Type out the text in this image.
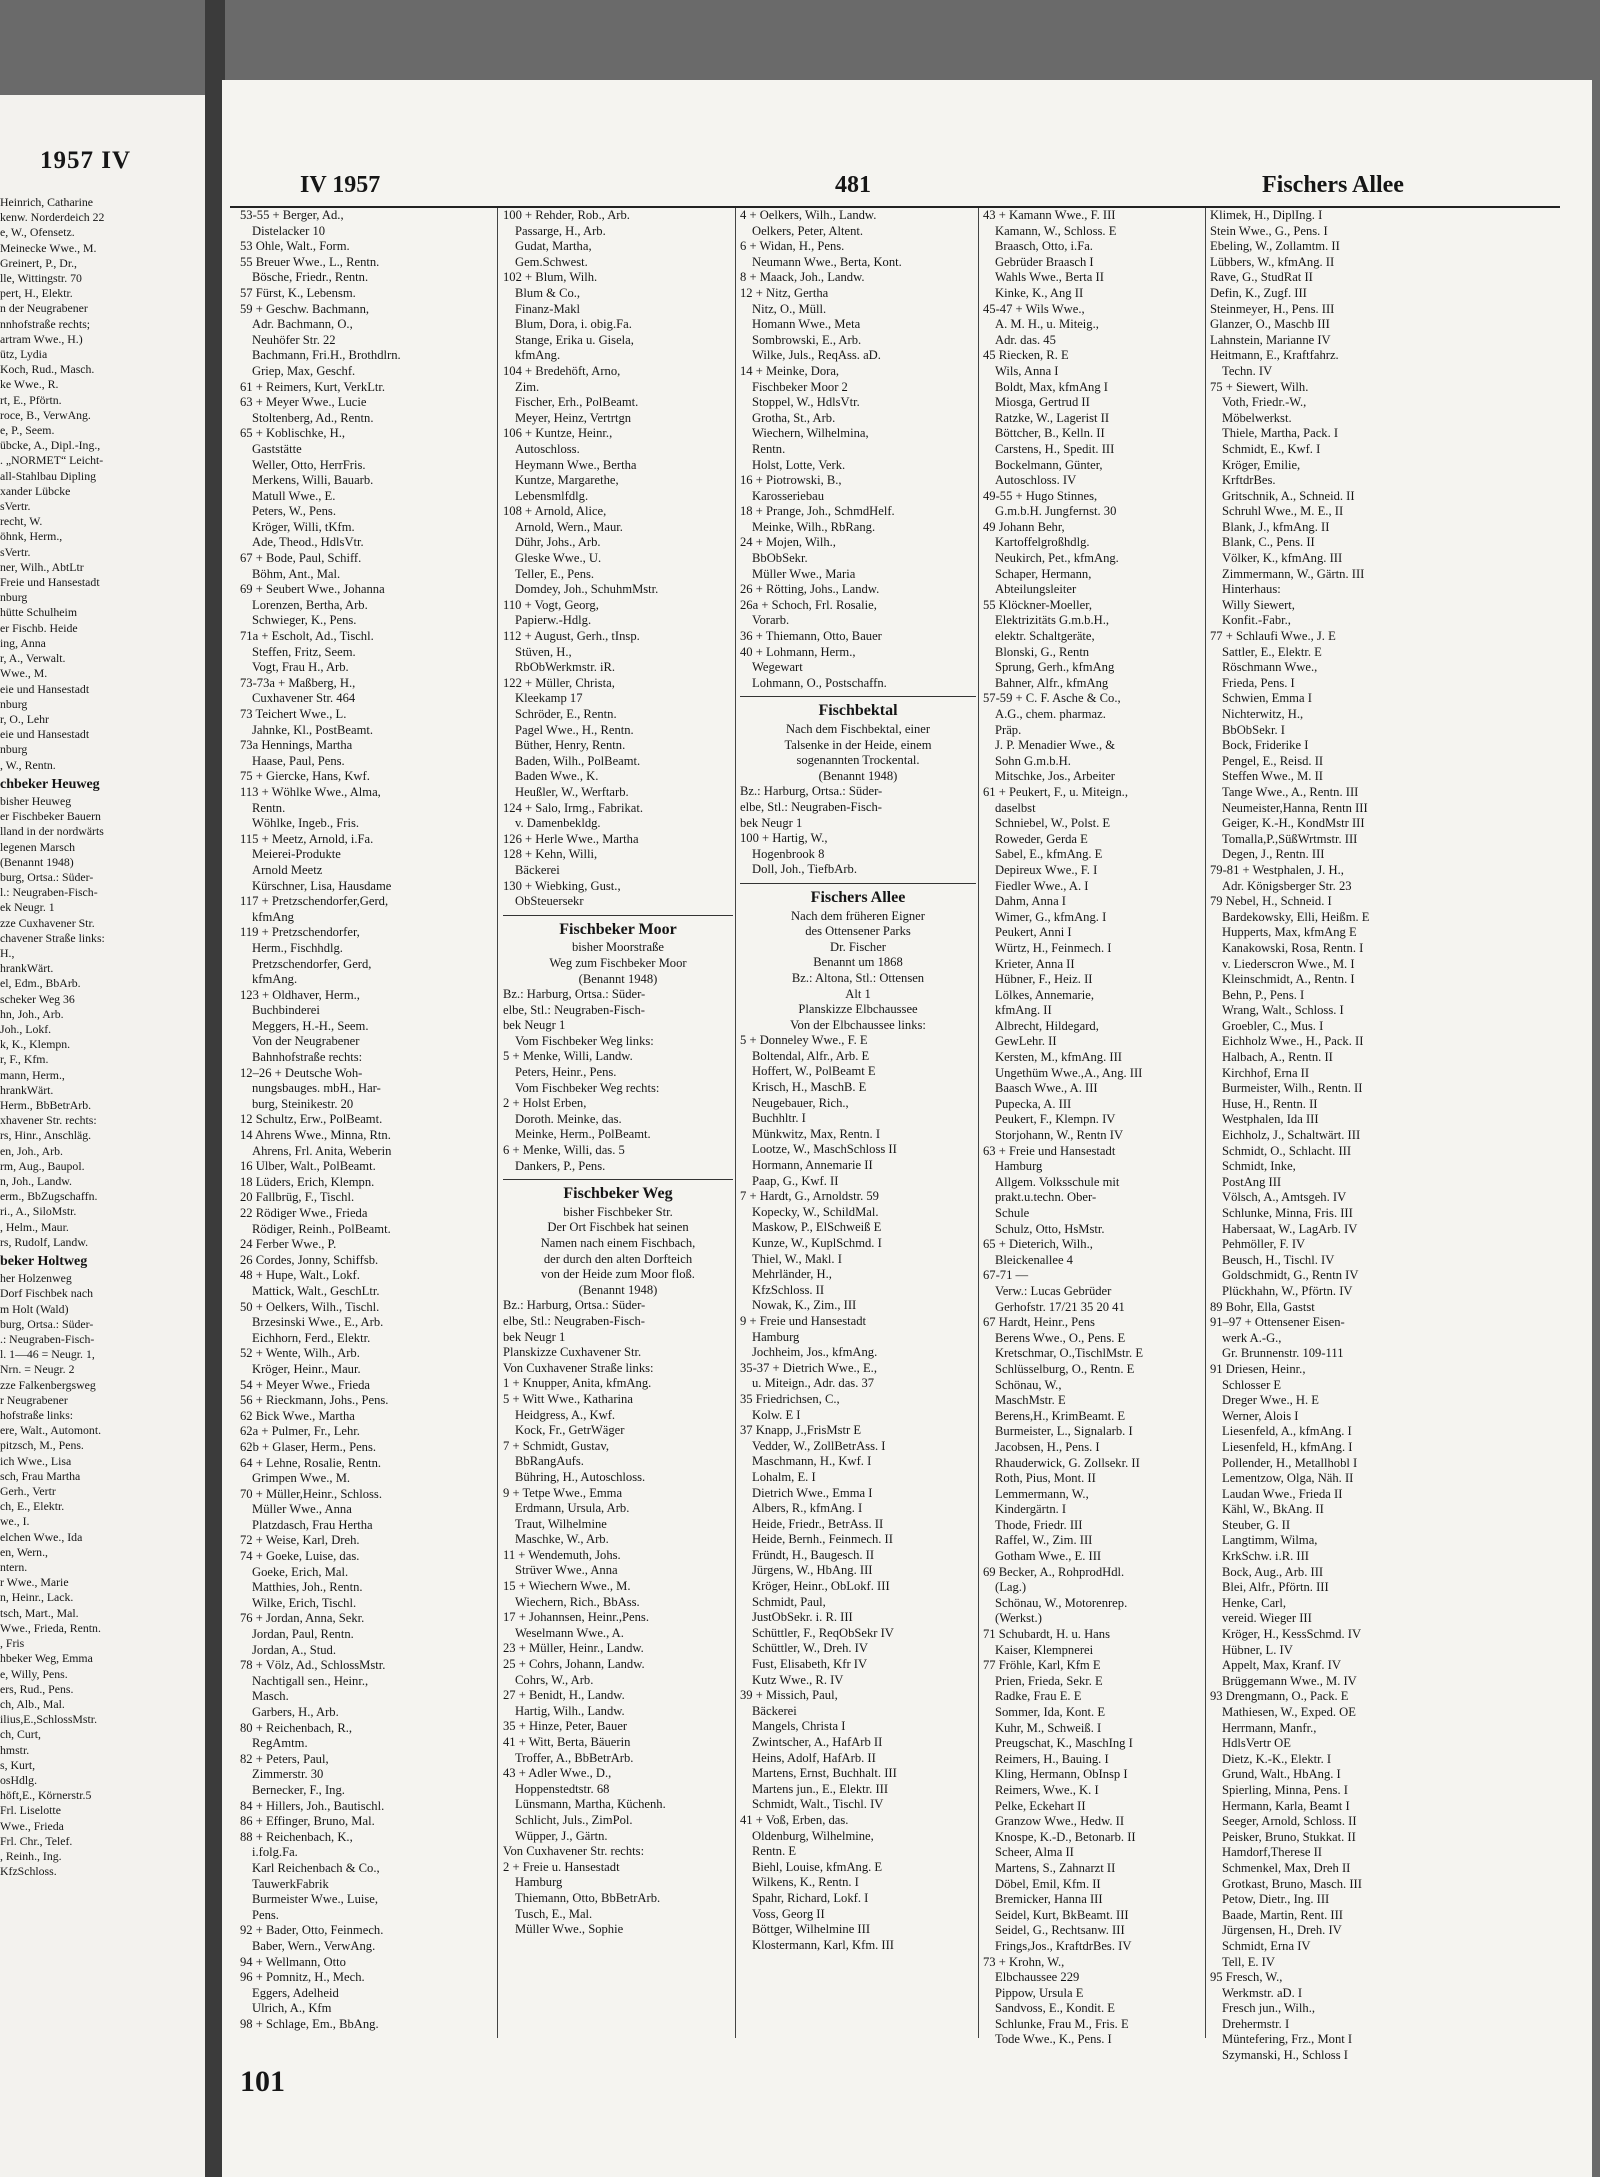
1957 IV
Heinrich, Catharine
kenw. Norderdeich 22
e, W., Ofensetz.
Meinecke Wwe., M.
Greinert, P., Dr.,
lle, Wittingstr. 70
pert, H., Elektr.
n der Neugrabener
nnhofstraße rechts;
artram Wwe., H.)
ütz, Lydia
Koch, Rud., Masch.
ke Wwe., R.
rt, E., Pförtn.
roce, B., VerwAng.
e, P., Seem.
übcke, A., Dipl.-Ing.,
. „NORMET“ Leicht-
all-Stahlbau Dipling
xander Lübcke
sVertr.
recht, W.
öhnk, Herm.,
sVertr.
ner, Wilh., AbtLtr
Freie und Hansestadt
nburg
hütte Schulheim
er Fischb. Heide
ing, Anna
r, A., Verwalt.
Wwe., M.
eie und Hansestadt
nburg
r, O., Lehr
eie und Hansestadt
nburg
, W., Rentn.
chbeker Heuweg
bisher Heuweg
er Fischbeker Bauern
lland in der nordwärts
legenen Marsch
(Benannt 1948)
burg, Ortsa.: Süder-
l.: Neugraben-Fisch-
ek Neugr. 1
zze Cuxhavener Str.
chavener Straße links:
H.,
hrankWärt.
el, Edm., BbArb.
scheker Weg 36
hn, Joh., Arb.
Joh., Lokf.
k, K., Klempn.
r, F., Kfm.
mann, Herm.,
hrankWärt.
Herm., BbBetrArb.
xhavener Str. rechts:
rs, Hinr., Anschläg.
en, Joh., Arb.
rm, Aug., Baupol.
n, Joh., Landw.
erm., BbZugschaffn.
ri., A., SiloMstr.
, Helm., Maur.
rs, Rudolf, Landw.
beker Holtweg
her Holzenweg
Dorf Fischbek nach
m Holt (Wald)
burg, Ortsa.: Süder-
.: Neugraben-Fisch-
l. 1—46 = Neugr. 1,
Nrn. = Neugr. 2
zze Falkenbergsweg
r Neugrabener
hofstraße links:
ere, Walt., Automont.
pitzsch, M., Pens.
ich Wwe., Lisa
sch, Frau Martha
Gerh., Vertr
ch, E., Elektr.
we., I.
elchen Wwe., Ida
en, Wern.,
ntern.
r Wwe., Marie
n, Heinr., Lack.
tsch, Mart., Mal.
Wwe., Frieda, Rentn.
, Fris
hbeker Weg, Emma
e, Willy, Pens.
ers, Rud., Pens.
ch, Alb., Mal.
ilius,E.,SchlossMstr.
ch, Curt,
hmstr.
s, Kurt,
osHdlg.
höft,E., Körnerstr.5
Frl. Liselotte
Wwe., Frieda
Frl. Chr., Telef.
, Reinh., Ing.
KfzSchloss.
IV 1957	481	Fischers Allee
53-55 + Berger, Ad.,
Distelacker 10
53 Ohle, Walt., Form.
55 Breuer Wwe., L., Rentn.
Bösche, Friedr., Rentn.
57 Fürst, K., Lebensm.
59 + Geschw. Bachmann,
Adr. Bachmann, O.,
Neuhöfer Str. 22
Bachmann, Fri.H., Brothdlrn.
Griep, Max, Geschf.
61 + Reimers, Kurt, VerkLtr.
63 + Meyer Wwe., Lucie
Stoltenberg, Ad., Rentn.
65 + Koblischke, H.,
Gaststätte
Weller, Otto, HerrFris.
Merkens, Willi, Bauarb.
Matull Wwe., E.
Peters, W., Pens.
Kröger, Willi, tKfm.
Ade, Theod., HdlsVtr.
67 + Bode, Paul, Schiff.
Böhm, Ant., Mal.
69 + Seubert Wwe., Johanna
Lorenzen, Bertha, Arb.
Schwieger, K., Pens.
71a + Escholt, Ad., Tischl.
Steffen, Fritz, Seem.
Vogt, Frau H., Arb.
73-73a + Maßberg, H.,
Cuxhavener Str. 464
73 Teichert Wwe., L.
Jahnke, Kl., PostBeamt.
73a Hennings, Martha
Haase, Paul, Pens.
75 + Giercke, Hans, Kwf.
113 + Wöhlke Wwe., Alma,
Rentn.
Wöhlke, Ingeb., Fris.
115 + Meetz, Arnold, i.Fa.
Meierei-Produkte
Arnold Meetz
Kürschner, Lisa, Hausdame
117 + Pretzschendorfer,Gerd,
kfmAng
119 + Pretzschendorfer,
Herm., Fischhdlg.
Pretzschendorfer, Gerd,
kfmAng.
123 + Oldhaver, Herm.,
Buchbinderei
Meggers, H.-H., Seem.
Von der Neugrabener
Bahnhofstraße rechts:
12–26 + Deutsche Woh-
nungsbauges. mbH., Har-
burg, Steinikestr. 20
12 Schultz, Erw., PolBeamt.
14 Ahrens Wwe., Minna, Rtn.
Ahrens, Frl. Anita, Weberin
16 Ulber, Walt., PolBeamt.
18 Lüders, Erich, Klempn.
20 Fallbrüg, F., Tischl.
22 Rödiger Wwe., Frieda
Rödiger, Reinh., PolBeamt.
24 Ferber Wwe., P.
26 Cordes, Jonny, Schiffsb.
48 + Hupe, Walt., Lokf.
Mattick, Walt., GeschLtr.
50 + Oelkers, Wilh., Tischl.
Brzesinski Wwe., E., Arb.
Eichhorn, Ferd., Elektr.
52 + Wente, Wilh., Arb.
Kröger, Heinr., Maur.
54 + Meyer Wwe., Frieda
56 + Rieckmann, Johs., Pens.
62 Bick Wwe., Martha
62a + Pulmer, Fr., Lehr.
62b + Glaser, Herm., Pens.
64 + Lehne, Rosalie, Rentn.
Grimpen Wwe., M.
70 + Müller,Heinr., Schloss.
Müller Wwe., Anna
Platzdasch, Frau Hertha
72 + Weise, Karl, Dreh.
74 + Goeke, Luise, das.
Goeke, Erich, Mal.
Matthies, Joh., Rentn.
Wilke, Erich, Tischl.
76 + Jordan, Anna, Sekr.
Jordan, Paul, Rentn.
Jordan, A., Stud.
78 + Völz, Ad., SchlossMstr.
Nachtigall sen., Heinr.,
Masch.
Garbers, H., Arb.
80 + Reichenbach, R.,
RegAmtm.
82 + Peters, Paul,
Zimmerstr. 30
Bernecker, F., Ing.
84 + Hillers, Joh., Bautischl.
86 + Effinger, Bruno, Mal.
88 + Reichenbach, K.,
i.folg.Fa.
Karl Reichenbach & Co.,
TauwerkFabrik
Burmeister Wwe., Luise,
Pens.
92 + Bader, Otto, Feinmech.
Baber, Wern., VerwAng.
94 + Wellmann, Otto
96 + Pomnitz, H., Mech.
Eggers, Adelheid
Ulrich, A., Kfm
98 + Schlage, Em., BbAng.
100 + Rehder, Rob., Arb.
Passarge, H., Arb.
Gudat, Martha,
Gem.Schwest.
102 + Blum, Wilh.
Blum & Co.,
Finanz-Makl
Blum, Dora, i. obig.Fa.
Stange, Erika u. Gisela,
kfmAng.
104 + Bredehöft, Arno,
Zim.
Fischer, Erh., PolBeamt.
Meyer, Heinz, Vertrtgn
106 + Kuntze, Heinr.,
Autoschloss.
Heymann Wwe., Bertha
Kuntze, Margarethe,
Lebensmlfdlg.
108 + Arnold, Alice,
Arnold, Wern., Maur.
Dühr, Johs., Arb.
Gleske Wwe., U.
Teller, E., Pens.
Domdey, Joh., SchuhmMstr.
110 + Vogt, Georg,
Papierw.-Hdlg.
112 + August, Gerh., tInsp.
Stüven, H.,
RbObWerkmstr. iR.
122 + Müller, Christa,
Kleekamp 17
Schröder, E., Rentn.
Pagel Wwe., H., Rentn.
Büther, Henry, Rentn.
Baden, Wilh., PolBeamt.
Baden Wwe., K.
Heußler, W., Werftarb.
124 + Salo, Irmg., Fabrikat.
v. Damenbekldg.
126 + Herle Wwe., Martha
128 + Kehn, Willi,
Bäckerei
130 + Wiebking, Gust.,
ObSteuersekr
Fischbeker Moor
bisher Moorstraße
Weg zum Fischbeker Moor
(Benannt 1948)
Bz.: Harburg, Ortsa.: Süder-
elbe, Stl.: Neugraben-Fisch-
bek Neugr 1
Vom Fischbeker Weg links:
5 + Menke, Willi, Landw.
Peters, Heinr., Pens.
Vom Fischbeker Weg rechts:
2 + Holst Erben,
Doroth. Meinke, das.
Meinke, Herm., PolBeamt.
6 + Menke, Willi, das. 5
Dankers, P., Pens.
Fischbeker Weg
bisher Fischbeker Str.
Der Ort Fischbek hat seinen
Namen nach einem Fischbach,
der durch den alten Dorfteich
von der Heide zum Moor floß.
(Benannt 1948)
Bz.: Harburg, Ortsa.: Süder-
elbe, Stl.: Neugraben-Fisch-
bek Neugr 1
Planskizze Cuxhavener Str.
Von Cuxhavener Straße links:
1 + Knupper, Anita, kfmAng.
5 + Witt Wwe., Katharina
Heidgress, A., Kwf.
Kock, Fr., GetrWäger
7 + Schmidt, Gustav,
BbRangAufs.
Bühring, H., Autoschloss.
9 + Tetpe Wwe., Emma
Erdmann, Ursula, Arb.
Traut, Wilhelmine
Maschke, W., Arb.
11 + Wendemuth, Johs.
Strüver Wwe., Anna
15 + Wiechern Wwe., M.
Wiechern, Rich., BbAss.
17 + Johannsen, Heinr.,Pens.
Weselmann Wwe., A.
23 + Müller, Heinr., Landw.
25 + Cohrs, Johann, Landw.
Cohrs, W., Arb.
27 + Benidt, H., Landw.
Hartig, Wilh., Landw.
35 + Hinze, Peter, Bauer
41 + Witt, Berta, Bäuerin
Troffer, A., BbBetrArb.
43 + Adler Wwe., D.,
Hoppenstedtstr. 68
Lünsmann, Martha, Küchenh.
Schlicht, Juls., ZimPol.
Wüpper, J., Gärtn.
Von Cuxhavener Str. rechts:
2 + Freie u. Hansestadt
Hamburg
Thiemann, Otto, BbBetrArb.
Tusch, E., Mal.
Müller Wwe., Sophie
4 + Oelkers, Wilh., Landw.
Oelkers, Peter, Altent.
6 + Widan, H., Pens.
Neumann Wwe., Berta, Kont.
8 + Maack, Joh., Landw.
12 + Nitz, Gertha
Nitz, O., Müll.
Homann Wwe., Meta
Sombrowski, E., Arb.
Wilke, Juls., ReqAss. aD.
14 + Meinke, Dora,
Fischbeker Moor 2
Stoppel, W., HdlsVtr.
Grotha, St., Arb.
Wiechern, Wilhelmina,
Rentn.
Holst, Lotte, Verk.
16 + Piotrowski, B.,
Karosseriebau
18 + Prange, Joh., SchmdHelf.
Meinke, Wilh., RbRang.
24 + Mojen, Wilh.,
BbObSekr.
Müller Wwe., Maria
26 + Rötting, Johs., Landw.
26a + Schoch, Frl. Rosalie,
Vorarb.
36 + Thiemann, Otto, Bauer
40 + Lohmann, Herm.,
Wegewart
Lohmann, O., Postschaffn.
Fischbektal
Nach dem Fischbektal, einer
Talsenke in der Heide, einem
sogenannten Trockental.
(Benannt 1948)
Bz.: Harburg, Ortsa.: Süder-
elbe, Stl.: Neugraben-Fisch-
bek Neugr 1
100 + Hartig, W.,
Hogenbrook 8
Doll, Joh., TiefbArb.
Fischers Allee
Nach dem früheren Eigner
des Ottensener Parks
Dr. Fischer
Benannt um 1868
Bz.: Altona, Stl.: Ottensen
Alt 1
Planskizze Elbchaussee
Von der Elbchaussee links:
5 + Donneley Wwe., F. E
Boltendal, Alfr., Arb. E
Hoffert, W., PolBeamt E
Krisch, H., MaschB. E
Neugebauer, Rich.,
Buchhltr. I
Münkwitz, Max, Rentn. I
Lootze, W., MaschSchloss II
Hormann, Annemarie II
Paap, G., Kwf. II
7 + Hardt, G., Arnoldstr. 59
Kopecky, W., SchildMal.
Maskow, P., ElSchweiß E
Kunze, W., KuplSchmd. I
Thiel, W., Makl. I
Mehrländer, H.,
KfzSchloss. II
Nowak, K., Zim., III
9 + Freie und Hansestadt
Hamburg
Jochheim, Jos., kfmAng.
35-37 + Dietrich Wwe., E.,
u. Miteign., Adr. das. 37
35 Friedrichsen, C.,
Kolw. E I
37 Knapp, J.,FrisMstr E
Vedder, W., ZollBetrAss. I
Maschmann, H., Kwf. I
Lohalm, E. I
Dietrich Wwe., Emma I
Albers, R., kfmAng. I
Heide, Friedr., BetrAss. II
Heide, Bernh., Feinmech. II
Fründt, H., Baugesch. II
Jürgens, W., HbAng. III
Kröger, Heinr., ObLokf. III
Schmidt, Paul,
JustObSekr. i. R. III
Schüttler, F., ReqObSekr IV
Schüttler, W., Dreh. IV
Fust, Elisabeth, Kfr IV
Kutz Wwe., R. IV
39 + Missich, Paul,
Bäckerei
Mangels, Christa I
Zwintscher, A., HafArb II
Heins, Adolf, HafArb. II
Martens, Ernst, Buchhalt. III
Martens jun., E., Elektr. III
Schmidt, Walt., Tischl. IV
41 + Voß, Erben, das.
Oldenburg, Wilhelmine,
Rentn. E
Biehl, Louise, kfmAng. E
Wilkens, K., Rentn. I
Spahr, Richard, Lokf. I
Voss, Georg II
Böttger, Wilhelmine III
Klostermann, Karl, Kfm. III
43 + Kamann Wwe., F. III
Kamann, W., Schloss. E
Braasch, Otto, i.Fa.
Gebrüder Braasch I
Wahls Wwe., Berta II
Kinke, K., Ang II
45-47 + Wils Wwe.,
A. M. H., u. Miteig.,
Adr. das. 45
45 Riecken, R. E
Wils, Anna I
Boldt, Max, kfmAng I
Miosga, Gertrud II
Ratzke, W., Lagerist II
Böttcher, B., Kelln. II
Carstens, H., Spedit. III
Bockelmann, Günter,
Autoschloss. IV
49-55 + Hugo Stinnes,
G.m.b.H. Jungfernst. 30
49 Johann Behr,
Kartoffelgroßhdlg.
Neukirch, Pet., kfmAng.
Schaper, Hermann,
Abteilungsleiter
55 Klöckner-Moeller,
Elektrizitäts G.m.b.H.,
elektr. Schaltgeräte,
Blonski, G., Rentn
Sprung, Gerh., kfmAng
Bahner, Alfr., kfmAng
57-59 + C. F. Asche & Co.,
A.G., chem. pharmaz.
Präp.
J. P. Menadier Wwe., &
Sohn G.m.b.H.
Mitschke, Jos., Arbeiter
61 + Peukert, F., u. Miteign.,
daselbst
Schniebel, W., Polst. E
Roweder, Gerda E
Sabel, E., kfmAng. E
Depireux Wwe., F. I
Fiedler Wwe., A. I
Dahm, Anna I
Wimer, G., kfmAng. I
Peukert, Anni I
Würtz, H., Feinmech. I
Krieter, Anna II
Hübner, F., Heiz. II
Lölkes, Annemarie,
kfmAng. II
Albrecht, Hildegard,
GewLehr. II
Kersten, M., kfmAng. III
Ungethüm Wwe.,A., Ang. III
Baasch Wwe., A. III
Pupecka, A. III
Peukert, F., Klempn. IV
Storjohann, W., Rentn IV
63 + Freie und Hansestadt
Hamburg
Allgem. Volksschule mit
prakt.u.techn. Ober-
Schule
Schulz, Otto, HsMstr.
65 + Dieterich, Wilh.,
Bleickenallee 4
67-71 —
Verw.: Lucas Gebrüder
Gerhofstr. 17/21 35 20 41
67 Hardt, Heinr., Pens
Berens Wwe., O., Pens. E
Kretschmar, O.,TischlMstr. E
Schlüsselburg, O., Rentn. E
Schönau, W.,
MaschMstr. E
Berens,H., KrimBeamt. E
Burmeister, L., Signalarb. I
Jacobsen, H., Pens. I
Rhauderwick, G. Zollsekr. II
Roth, Pius, Mont. II
Lemmermann, W.,
Kindergärtn. I
Thode, Friedr. III
Raffel, W., Zim. III
Gotham Wwe., E. III
69 Becker, A., RohprodHdl.
(Lag.)
Schönau, W., Motorenrep.
(Werkst.)
71 Schubardt, H. u. Hans
Kaiser, Klempnerei
77 Fröhle, Karl, Kfm E
Prien, Frieda, Sekr. E
Radke, Frau E. E
Sommer, Ida, Kont. E
Kuhr, M., Schweiß. I
Preugschat, K., MaschIng I
Reimers, H., Bauing. I
Kling, Hermann, ObInsp I
Reimers, Wwe., K. I
Pelke, Eckehart II
Granzow Wwe., Hedw. II
Knospe, K.-D., Betonarb. II
Scheer, Alma II
Martens, S., Zahnarzt II
Döbel, Emil, Kfm. II
Bremicker, Hanna III
Seidel, Kurt, BkBeamt. III
Seidel, G., Rechtsanw. III
Frings,Jos., KraftdrBes. IV
73 + Krohn, W.,
Elbchaussee 229
Pippow, Ursula E
Sandvoss, E., Kondit. E
Schlunke, Frau M., Fris. E
Tode Wwe., K., Pens. I
Klimek, H., DiplIng. I
Stein Wwe., G., Pens. I
Ebeling, W., Zollamtm. II
Lübbers, W., kfmAng. II
Rave, G., StudRat II
Defin, K., Zugf. III
Steinmeyer, H., Pens. III
Glanzer, O., Maschb III
Lahnstein, Marianne IV
Heitmann, E., Kraftfahrz.
Techn. IV
75 + Siewert, Wilh.
Voth, Friedr.-W.,
Möbelwerkst.
Thiele, Martha, Pack. I
Schmidt, E., Kwf. I
Kröger, Emilie,
KrftdrBes.
Gritschnik, A., Schneid. II
Schruhl Wwe., M. E., II
Blank, J., kfmAng. II
Blank, C., Pens. II
Völker, K., kfmAng. III
Zimmermann, W., Gärtn. III
Hinterhaus:
Willy Siewert,
Konfit.-Fabr.,
77 + Schlaufi Wwe., J. E
Sattler, E., Elektr. E
Röschmann Wwe.,
Frieda, Pens. I
Schwien, Emma I
Nichterwitz, H.,
BbObSekr. I
Bock, Friderike I
Pengel, E., Reisd. II
Steffen Wwe., M. II
Tange Wwe., A., Rentn. III
Neumeister,Hanna, Rentn III
Geiger, K.-H., KondMstr III
Tomalla,P.,SüßWrtmstr. III
Degen, J., Rentn. III
79-81 + Westphalen, J. H.,
Adr. Königsberger Str. 23
79 Nebel, H., Schneid. I
Bardekowsky, Elli, Heißm. E
Hupperts, Max, kfmAng E
Kanakowski, Rosa, Rentn. I
v. Liederscron Wwe., M. I
Kleinschmidt, A., Rentn. I
Behn, P., Pens. I
Wrang, Walt., Schloss. I
Groebler, C., Mus. I
Eichholz Wwe., H., Pack. II
Halbach, A., Rentn. II
Kirchhof, Erna II
Burmeister, Wilh., Rentn. II
Huse, H., Rentn. II
Westphalen, Ida III
Eichholz, J., Schaltwärt. III
Schmidt, O., Schlacht. III
Schmidt, Inke,
PostAng III
Völsch, A., Amtsgeh. IV
Schlunke, Minna, Fris. III
Habersaat, W., LagArb. IV
Pehmöller, F. IV
Beusch, H., Tischl. IV
Goldschmidt, G., Rentn IV
Plückhahn, W., Pförtn. IV
89 Bohr, Ella, Gastst
91–97 + Ottensener Eisen-
werk A.-G.,
Gr. Brunnenstr. 109-111
91 Driesen, Heinr.,
Schlosser E
Dreger Wwe., H. E
Werner, Alois I
Liesenfeld, A., kfmAng. I
Liesenfeld, H., kfmAng. I
Pollender, H., Metallhobl I
Lementzow, Olga, Näh. II
Laudan Wwe., Frieda II
Kähl, W., BkAng. II
Steuber, G. II
Langtimm, Wilma,
KrkSchw. i.R. III
Bock, Aug., Arb. III
Blei, Alfr., Pförtn. III
Henke, Carl,
vereid. Wieger III
Kröger, H., KessSchmd. IV
Hübner, L. IV
Appelt, Max, Kranf. IV
Brüggemann Wwe., M. IV
93 Drengmann, O., Pack. E
Mathiesen, W., Exped. OE
Herrmann, Manfr.,
HdlsVertr OE
Dietz, K.-K., Elektr. I
Grund, Walt., HbAng. I
Spierling, Minna, Pens. I
Hermann, Karla, Beamt I
Seeger, Arnold, Schloss. II
Peisker, Bruno, Stukkat. II
Hamdorf,Therese II
Schmenkel, Max, Dreh II
Grotkast, Bruno, Masch. III
Petow, Dietr., Ing. III
Baade, Martin, Rent. III
Jürgensen, H., Dreh. IV
Schmidt, Erna IV
Tell, E. IV
95 Fresch, W.,
Werkmstr. aD. I
Fresch jun., Wilh.,
Drehermstr. I
Müntefering, Frz., Mont I
Szymanski, H., Schloss I
101
